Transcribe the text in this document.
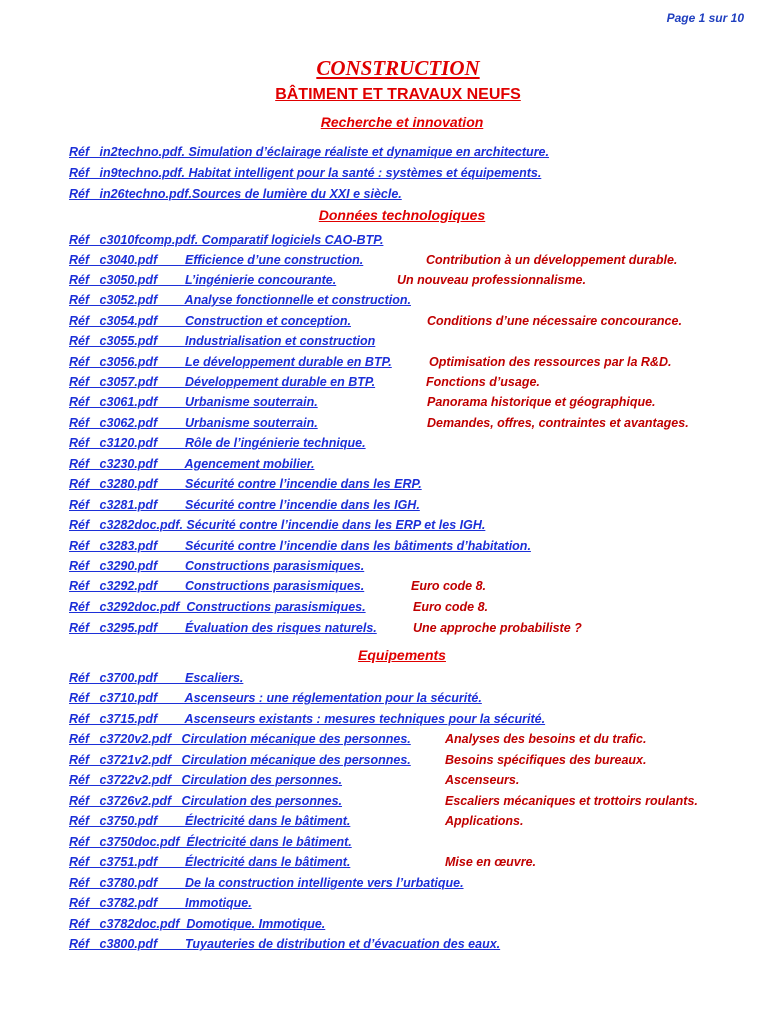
Page 1 sur 10
CONSTRUCTION
BÂTIMENT ET TRAVAUX NEUFS
Recherche et innovation
Réf   in2techno.pdf. Simulation d’éclairage réaliste et dynamique en architecture.
Réf   in9techno.pdf. Habitat intelligent pour la santé : systèmes et équipements.
Réf   in26techno.pdf.Sources de lumière du XXI e siècle.
Données technologiques
Réf   c3010fcomp.pdf. Comparatif logiciels CAO-BTP.
Réf   c3040.pdf        Efficience d’une construction.	Contribution à un développement durable.
Réf   c3050.pdf        L’ingénierie concourante.	Un nouveau professionnalisme.
Réf   c3052.pdf        Analyse fonctionnelle et construction.
Réf   c3054.pdf        Construction et conception.	Conditions d’une nécessaire concourance.
Réf   c3055.pdf        Industrialisation et construction
Réf   c3056.pdf        Le développement durable en BTP.	Optimisation des ressources par la R&D.
Réf   c3057.pdf        Développement durable en BTP.	Fonctions d’usage.
Réf   c3061.pdf        Urbanisme souterrain.	Panorama historique et géographique.
Réf   c3062.pdf        Urbanisme souterrain.	Demandes, offres, contraintes et avantages.
Réf   c3120.pdf        Rôle de l’ingénierie technique.
Réf   c3230.pdf        Agencement mobilier.
Réf   c3280.pdf        Sécurité contre l’incendie dans les ERP.
Réf   c3281.pdf        Sécurité contre l’incendie dans les IGH.
Réf   c3282doc.pdf. Sécurité contre l’incendie dans les ERP et les IGH.
Réf   c3283.pdf        Sécurité contre l’incendie dans les bâtiments d’habitation.
Réf   c3290.pdf        Constructions parasismiques.
Réf   c3292.pdf        Constructions parasismiques.	Euro code 8.
Réf   c3292doc.pdf  Constructions parasismiques.	Euro code 8.
Réf   c3295.pdf        Évaluation des risques naturels.	Une approche probabiliste ?
Equipements
Réf   c3700.pdf        Escaliers.
Réf   c3710.pdf        Ascenseurs : une réglementation pour la sécurité.
Réf   c3715.pdf        Ascenseurs existants : mesures techniques pour la sécurité.
Réf   c3720v2.pdf   Circulation mécanique des personnes.	Analyses des besoins et du trafic.
Réf   c3721v2.pdf   Circulation mécanique des personnes.	Besoins spécifiques des bureaux.
Réf   c3722v2.pdf   Circulation des personnes.	Ascenseurs.
Réf   c3726v2.pdf   Circulation des personnes.	Escaliers mécaniques et trottoirs roulants.
Réf   c3750.pdf        Électricité dans le bâtiment.	Applications.
Réf   c3750doc.pdf  Électricité dans le bâtiment.
Réf   c3751.pdf        Électricité dans le bâtiment.	Mise en œuvre.
Réf   c3780.pdf        De la construction intelligente vers l’urbatique.
Réf   c3782.pdf        Immotique.
Réf   c3782doc.pdf  Domotique. Immotique.
Réf   c3800.pdf        Tuyauteries de distribution et d’évacuation des eaux.
